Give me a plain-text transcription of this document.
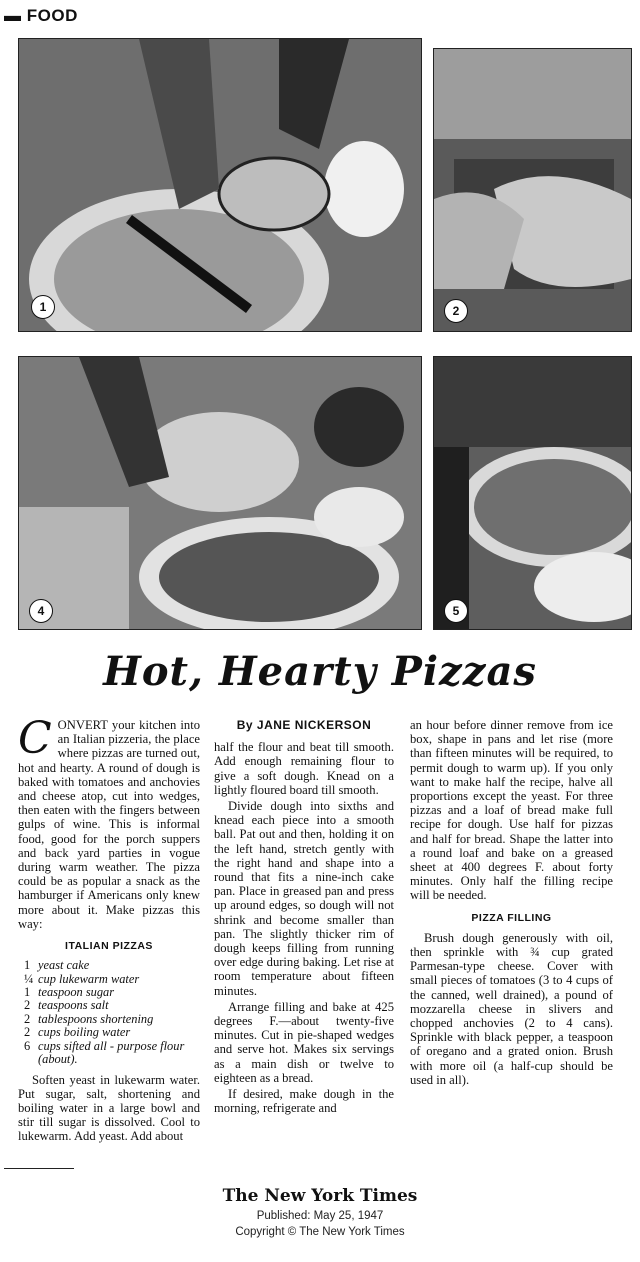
▬ FOOD
1	2
4	5
Hot, Hearty Pizzas

CONVERT your kitchen into an Italian pizzeria, the place where pizzas are turned out, hot and hearty. A round of dough is baked with tomatoes and anchovies and cheese atop, cut into wedges, then eaten with the fingers between gulps of wine. This is informal food, good for the porch suppers and back yard parties in vogue during warm weather. The pizza could be as popular a snack as the hamburger if Americans only knew more about it. Make pizzas this way:

ITALIAN PIZZAS
1 yeast cake
¼ cup lukewarm water
1 teaspoon sugar
2 teaspoons salt
2 tablespoons shortening
2 cups boiling water
6 cups sifted all - purpose flour (about).

Soften yeast in lukewarm water. Put sugar, salt, shortening and boiling water in a large bowl and stir till sugar is dissolved. Cool to lukewarm. Add yeast. Add about

By JANE NICKERSON

half the flour and beat till smooth. Add enough remaining flour to give a soft dough. Knead on a lightly floured board till smooth.

Divide dough into sixths and knead each piece into a smooth ball. Pat out and then, holding it on the left hand, stretch gently with the right hand and shape into a round that fits a nine-inch cake pan. Place in greased pan and press up around edges, so dough will not shrink and become smaller than pan. The slightly thicker rim of dough keeps filling from running over edge during baking. Let rise at room temperature about fifteen minutes.

Arrange filling and bake at 425 degrees F.—about twenty-five minutes. Cut in pie-shaped wedges and serve hot. Makes six servings as a main dish or twelve to eighteen as a bread.

If desired, make dough in the morning, refrigerate and

an hour before dinner remove from ice box, shape in pans and let rise (more than fifteen minutes will be required, to permit dough to warm up). If you only want to make half the recipe, halve all proportions except the yeast. For three pizzas and a loaf of bread make full recipe for dough. Use half for pizzas and half for bread. Shape the latter into a round loaf and bake on a greased sheet at 400 degrees F. about forty minutes. Only half the filling recipe will be needed.

PIZZA FILLING

Brush dough generously with oil, then sprinkle with ¾ cup grated Parmesan-type cheese. Cover with small pieces of tomatoes (3 to 4 cups of the canned, well drained), a pound of mozzarella cheese in slivers and chopped anchovies (2 to 4 cans). Sprinkle with black pepper, a teaspoon of oregano and a grated onion. Brush with more oil (a half-cup should be used in all).

The New York Times
Published: May 25, 1947
Copyright © The New York Times
